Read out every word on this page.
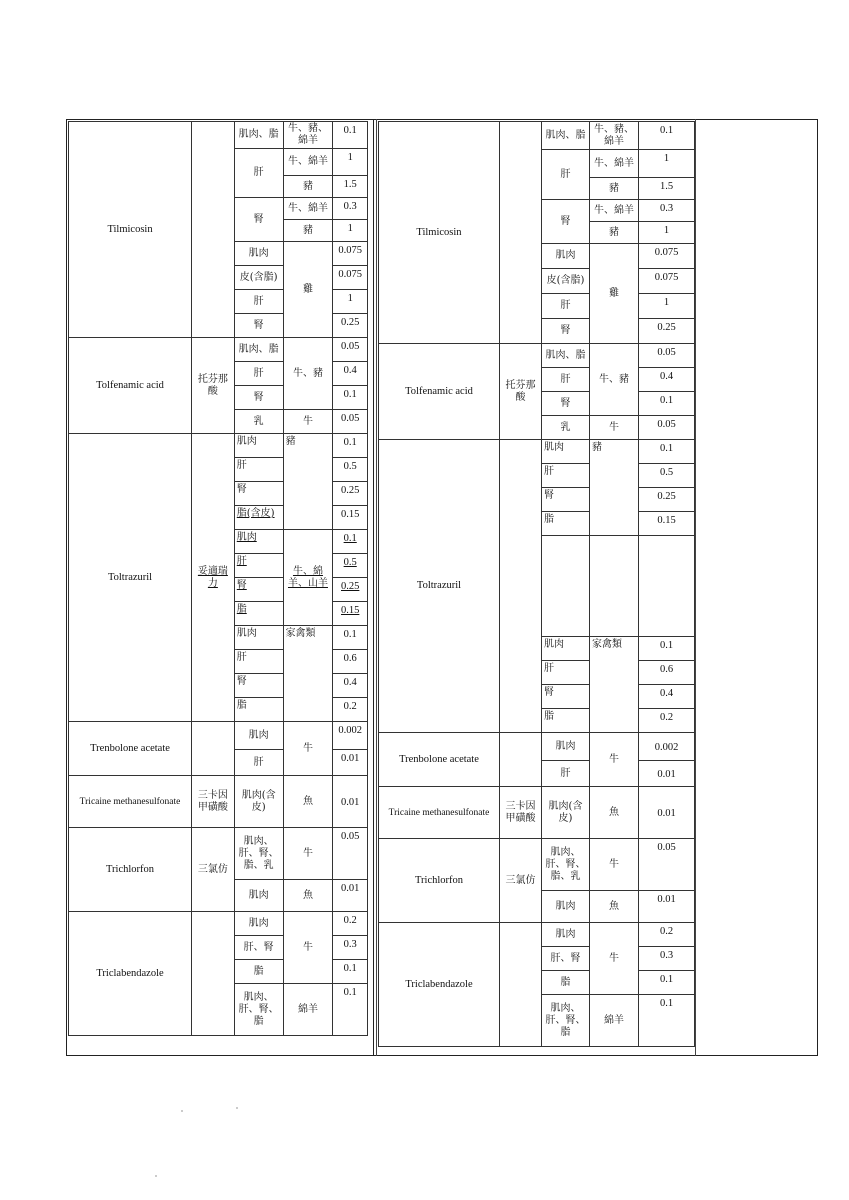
Tilmicosin		肌肉、脂	牛、豬、綿羊	0.1
		肝	牛、綿羊	1
			豬	1.5
		腎	牛、綿羊	0.3
			豬	1
		肌肉	雞	0.075
		皮(含脂)		0.075
		肝		1
		腎		0.25
Tolfenamic acid	托芬那酸	肌肉、脂	牛、豬	0.05
		肝		0.4
		腎		0.1
		乳	牛	0.05
Toltrazuril	妥適瑞力	肌肉	豬	0.1
		肝		0.5
		腎		0.25
		脂(含皮)		0.15
		肌肉	牛、綿羊、山羊	0.1
		肝		0.5
		腎		0.25
		脂		0.15
		肌肉	家禽類	0.1
		肝		0.6
		腎		0.4
		脂		0.2
Trenbolone acetate		肌肉	牛	0.002
		肝		0.01
Tricaine methanesulfonate	三卡因甲磺酸	肌肉(含皮)	魚	0.01
Trichlorfon	三氯仿	肌肉、肝、腎、脂、乳	牛	0.05
		肌肉	魚	0.01
Triclabendazole		肌肉	牛	0.2
		肝、腎		0.3
		脂		0.1
		肌肉、肝、腎、脂	綿羊	0.1
Tilmicosin		肌肉、脂	牛、豬、綿羊	0.1
		肝	牛、綿羊	1
			豬	1.5
		腎	牛、綿羊	0.3
			豬	1
		肌肉	雞	0.075
		皮(含脂)		0.075
		肝		1
		腎		0.25
Tolfenamic acid	托芬那酸	肌肉、脂	牛、豬	0.05
		肝		0.4
		腎		0.1
		乳	牛	0.05
Toltrazuril		肌肉	豬	0.1
		肝		0.5
		腎		0.25
		脂		0.15

		肌肉	家禽類	0.1
		肝		0.6
		腎		0.4
		脂		0.2
Trenbolone acetate		肌肉	牛	0.002
		肝		0.01
Tricaine methanesulfonate	三卡因甲磺酸	肌肉(含皮)	魚	0.01
Trichlorfon	三氯仿	肌肉、肝、腎、脂、乳	牛	0.05
		肌肉	魚	0.01
Triclabendazole		肌肉	牛	0.2
		肝、腎		0.3
		脂		0.1
		肌肉、肝、腎、脂	綿羊	0.1
